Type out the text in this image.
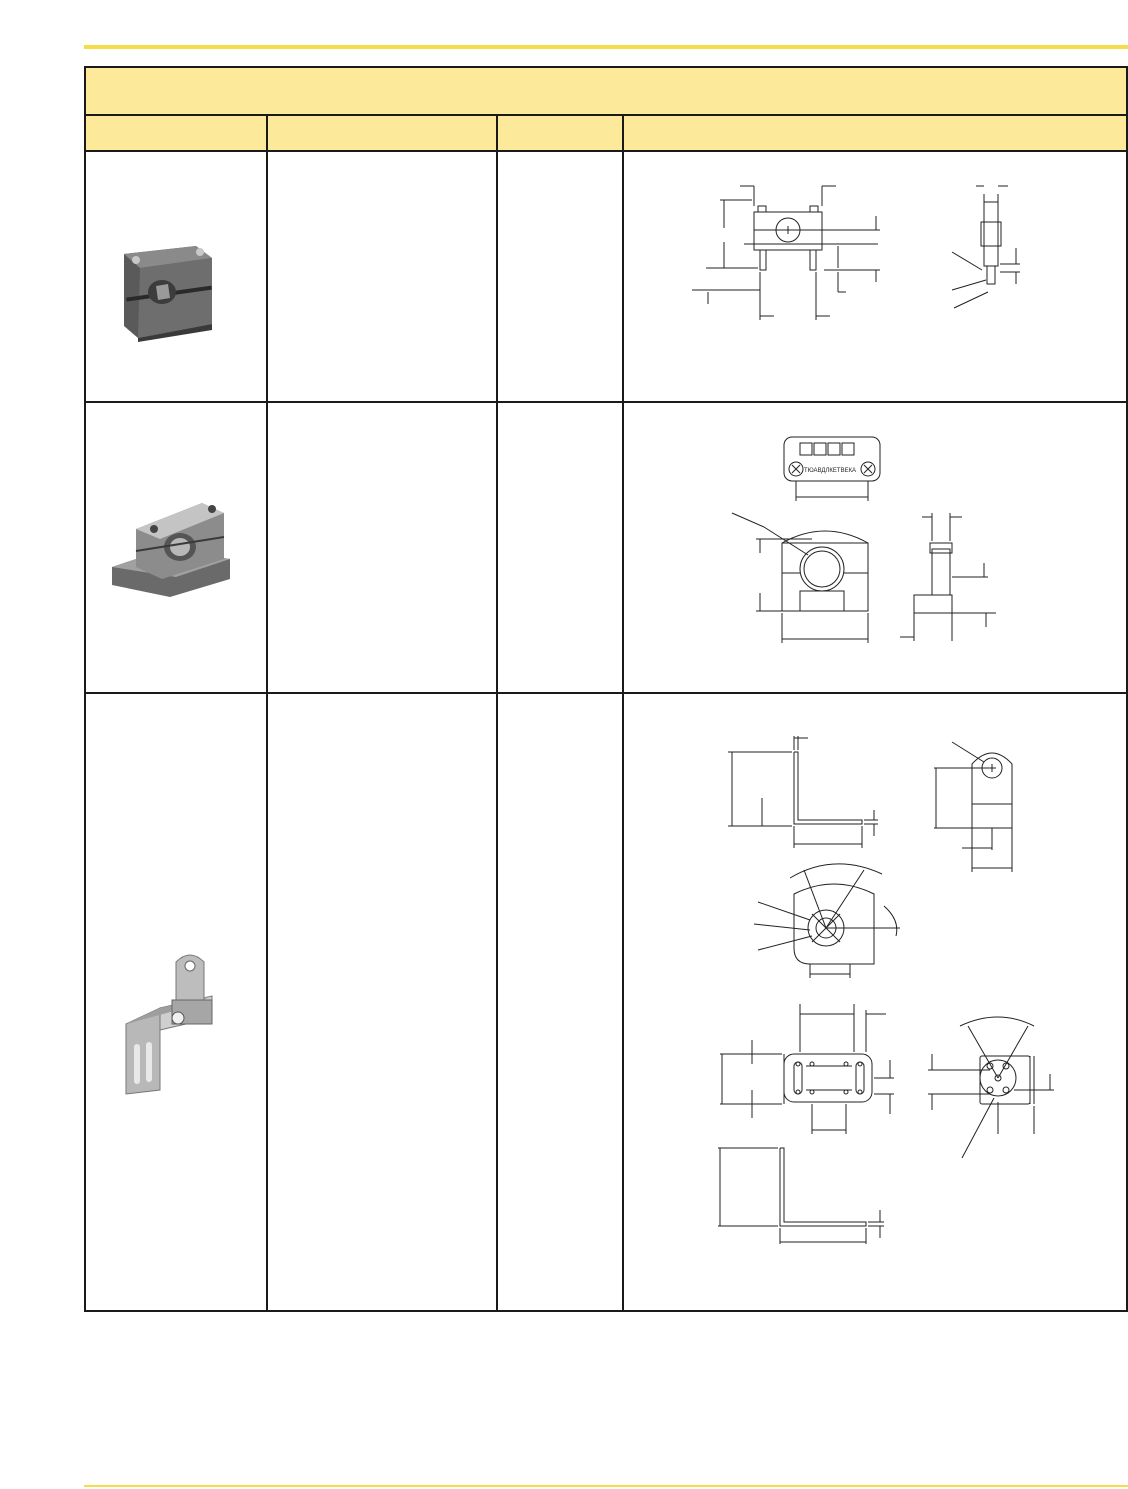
ТЮАВДЛКЕТВЕКА
